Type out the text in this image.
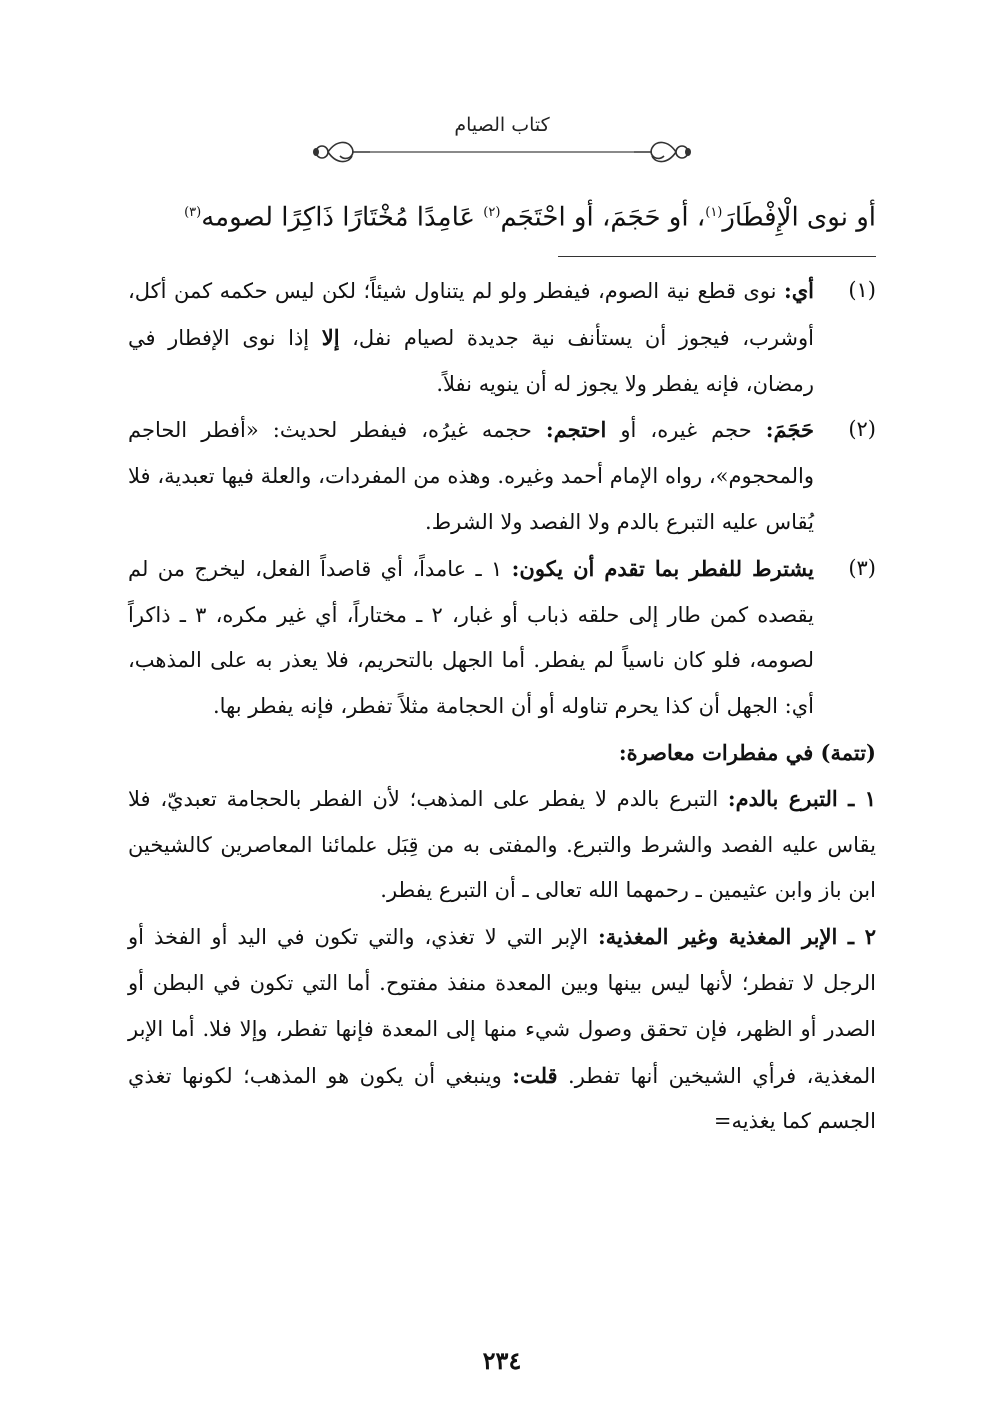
كتاب الصيام
أو نوى الْإِفْطَارَ$^{(١)}$، أو حَجَمَ، أو احْتَجَم$^{(٢)}$ عَامِدًا مُخْتَارًا ذَاكِرًا لصومه$^{(٣)}$
(١)
أي: نوى قطع نية الصوم، فيفطر ولو لم يتناول شيئاً؛ لكن ليس حكمه كمن أكل، أوشرب، فيجوز أن يستأنف نية جديدة لصيام نفل، إلا إذا نوى الإفطار في رمضان، فإنه يفطر ولا يجوز له أن ينويه نفلاً.
(٢)
حَجَمَ: حجم غيره، أو احتجم: حجمه غيرُه، فيفطر لحديث: «أفطر الحاجم والمحجوم»، رواه الإمام أحمد وغيره. وهذه من المفردات، والعلة فيها تعبدية، فلا يُقاس عليه التبرع بالدم ولا الفصد ولا الشرط.
(٣)
يشترط للفطر بما تقدم أن يكون: ١ ـ عامداً، أي قاصداً الفعل، ليخرج من لم يقصده كمن طار إلى حلقه ذباب أو غبار، ٢ ـ مختاراً، أي غير مكره، ٣ ـ ذاكراً لصومه، فلو كان ناسياً لم يفطر. أما الجهل بالتحريم، فلا يعذر به على المذهب، أي: الجهل أن كذا يحرم تناوله أو أن الحجامة مثلاً تفطر، فإنه يفطر بها.
(تتمة) في مفطرات معاصرة:
١ ـ التبرع بالدم: التبرع بالدم لا يفطر على المذهب؛ لأن الفطر بالحجامة تعبديّ، فلا يقاس عليه الفصد والشرط والتبرع. والمفتى به من قِبَل علمائنا المعاصرين كالشيخين ابن باز وابن عثيمين ـ رحمهما الله تعالى ـ أن التبرع يفطر.
٢ ـ الإبر المغذية وغير المغذية: الإبر التي لا تغذي، والتي تكون في اليد أو الفخذ أو الرجل لا تفطر؛ لأنها ليس بينها وبين المعدة منفذ مفتوح. أما التي تكون في البطن أو الصدر أو الظهر، فإن تحقق وصول شيء منها إلى المعدة فإنها تفطر، وإلا فلا. أما الإبر المغذية، فرأي الشيخين أنها تفطر. قلت: وينبغي أن يكون هو المذهب؛ لكونها تغذي الجسم كما يغذيه=
٢٣٤
